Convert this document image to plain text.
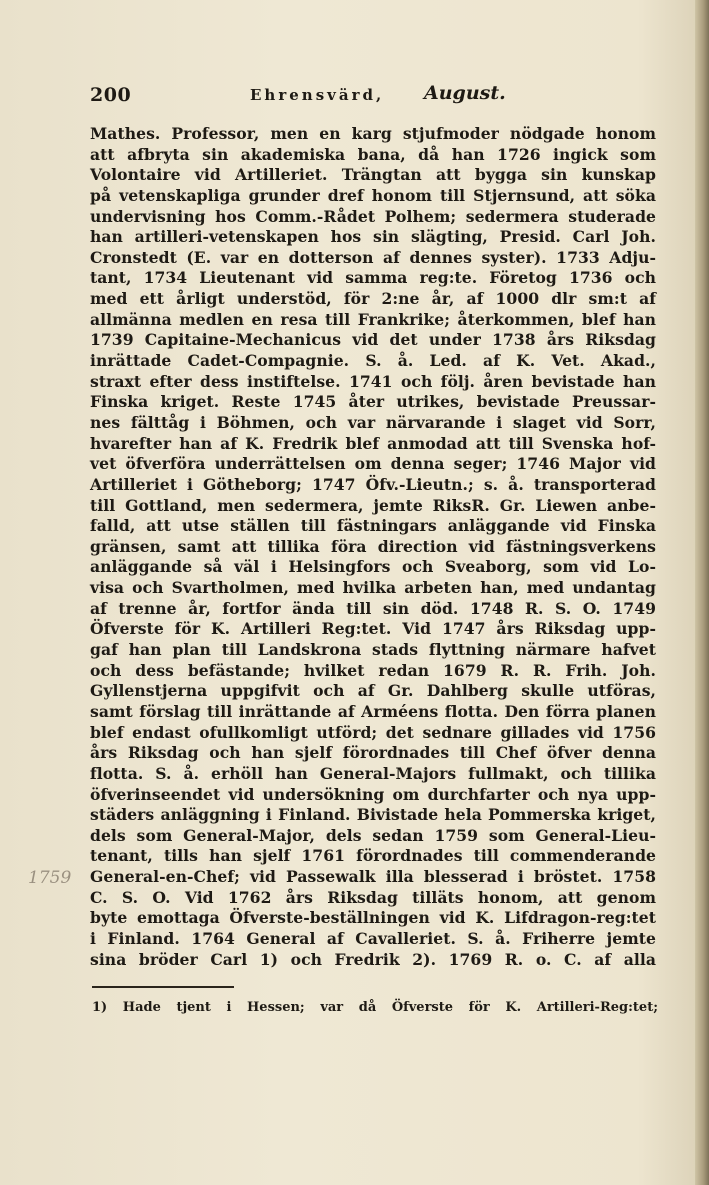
200	Ehrensvärd, August.
1759
Mathes. Professor, men en karg stjufmoder nödgade honom
att afbryta sin akademiska bana, då han 1726 ingick som
Volontaire vid Artilleriet. Trängtan att bygga sin kunskap
på vetenskapliga grunder dref honom till Stjernsund, att söka
undervisning hos Comm.-Rådet Polhem; sedermera studerade
han artilleri-vetenskapen hos sin slägting, Presid. Carl Joh.
Cronstedt (E. var en dotterson af dennes syster). 1733 Adju-
tant, 1734 Lieutenant vid samma reg:te. Företog 1736 och
med ett årligt understöd, för 2:ne år, af 1000 dlr sm:t af
allmänna medlen en resa till Frankrike; återkommen, blef han
1739 Capitaine-Mechanicus vid det under 1738 års Riksdag
inrättade Cadet-Compagnie. S. å. Led. af K. Vet. Akad.,
straxt efter dess instiftelse. 1741 och följ. åren bevistade han
Finska kriget. Reste 1745 åter utrikes, bevistade Preussar-
nes fälttåg i Böhmen, och var närvarande i slaget vid Sorr,
hvarefter han af K. Fredrik blef anmodad att till Svenska hof-
vet öfverföra underrättelsen om denna seger; 1746 Major vid
Artilleriet i Götheborg; 1747 Öfv.-Lieutn.; s. å. transporterad
till Gottland, men sedermera, jemte RiksR. Gr. Liewen anbe-
falld, att utse ställen till fästningars anläggande vid Finska
gränsen, samt att tillika föra direction vid fästningsverkens
anläggande så väl i Helsingfors och Sveaborg, som vid Lo-
visa och Svartholmen, med hvilka arbeten han, med undantag
af trenne år, fortfor ända till sin död. 1748 R. S. O. 1749
Öfverste för K. Artilleri Reg:tet. Vid 1747 års Riksdag upp-
gaf han plan till Landskrona stads flyttning närmare hafvet
och dess befästande; hvilket redan 1679 R. R. Frih. Joh.
Gyllenstjerna uppgifvit och af Gr. Dahlberg skulle utföras,
samt förslag till inrättande af Arméens flotta. Den förra planen
blef endast ofullkomligt utförd; det sednare gillades vid 1756
års Riksdag och han sjelf förordnades till Chef öfver denna
flotta. S. å. erhöll han General-Majors fullmakt, och tillika
öfverinseendet vid undersökning om durchfarter och nya upp-
städers anläggning i Finland. Bivistade hela Pommerska kriget,
dels som General-Major, dels sedan 1759 som General-Lieu-
tenant, tills han sjelf 1761 förordnades till commenderande
General-en-Chef; vid Passewalk illa blesserad i bröstet. 1758
C. S. O. Vid 1762 års Riksdag tilläts honom, att genom
byte emottaga Öfverste-beställningen vid K. Lifdragon-reg:tet
i Finland. 1764 General af Cavalleriet. S. å. Friherre jemte
sina bröder Carl 1) och Fredrik 2). 1769 R. o. C. af alla
1) Hade tjent i Hessen; var då Öfverste för K. Artilleri-Reg:tet;
